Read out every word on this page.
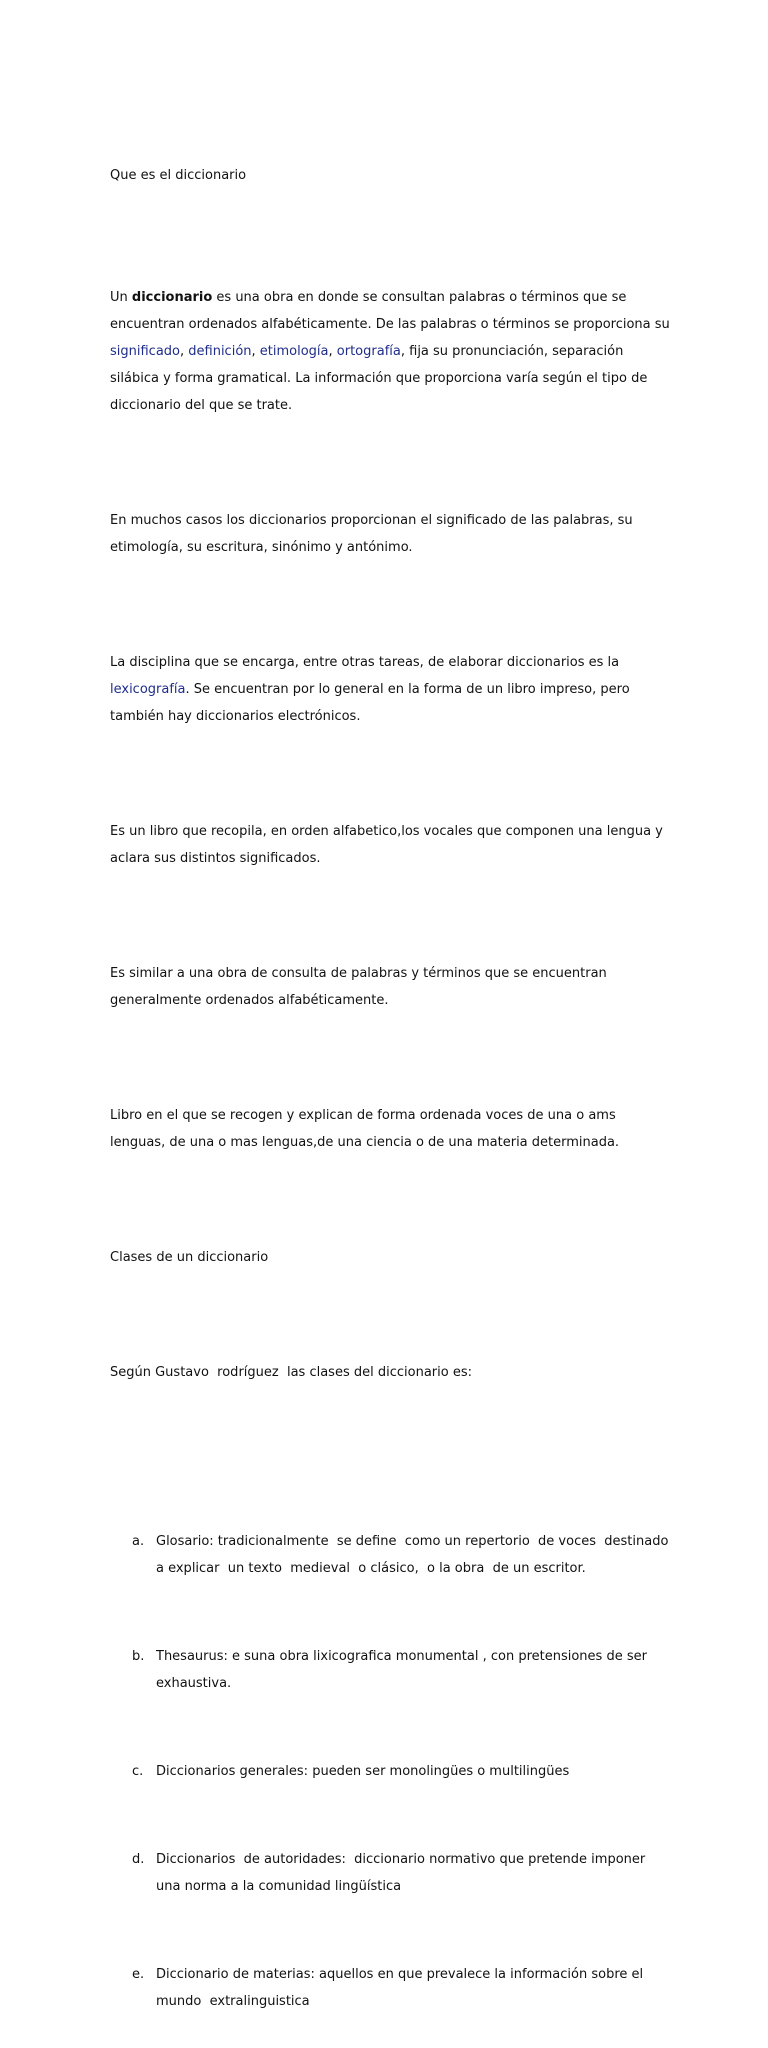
Que es el diccionario

Un diccionario es una obra en donde se consultan palabras o términos que se encuentran ordenados alfabéticamente. De las palabras o términos se proporciona su significado, definición, etimología, ortografía, fija su pronunciación, separación silábica y forma gramatical. La información que proporciona varía según el tipo de diccionario del que se trate.

En muchos casos los diccionarios proporcionan el significado de las palabras, su etimología, su escritura, sinónimo y antónimo.

La disciplina que se encarga, entre otras tareas, de elaborar diccionarios es la lexicografía. Se encuentran por lo general en la forma de un libro impreso, pero también hay diccionarios electrónicos.

Es un libro que recopila, en orden alfabetico,los vocales que componen una lengua y aclara sus distintos significados.

Es similar a una obra de consulta de palabras y términos que se encuentran generalmente ordenados alfabéticamente.

Libro en el que se recogen y explican de forma ordenada voces de una o ams lenguas, de una o mas lenguas,de una ciencia o de una materia determinada.

Clases de un diccionario

Según Gustavo  rodríguez  las clases del diccionario es:

a. Glosario: tradicionalmente  se define  como un repertorio  de voces  destinado a explicar  un texto  medieval  o clásico,  o la obra  de un escritor.

b. Thesaurus: e suna obra lixicografica monumental , con pretensiones de ser exhaustiva.

c. Diccionarios generales: pueden ser monolingües o multilingües

d. Diccionarios  de autoridades:  diccionario normativo que pretende imponer una norma a la comunidad lingüística

e. Diccionario de materias: aquellos en que prevalece la información sobre el mundo  extralinguistica
